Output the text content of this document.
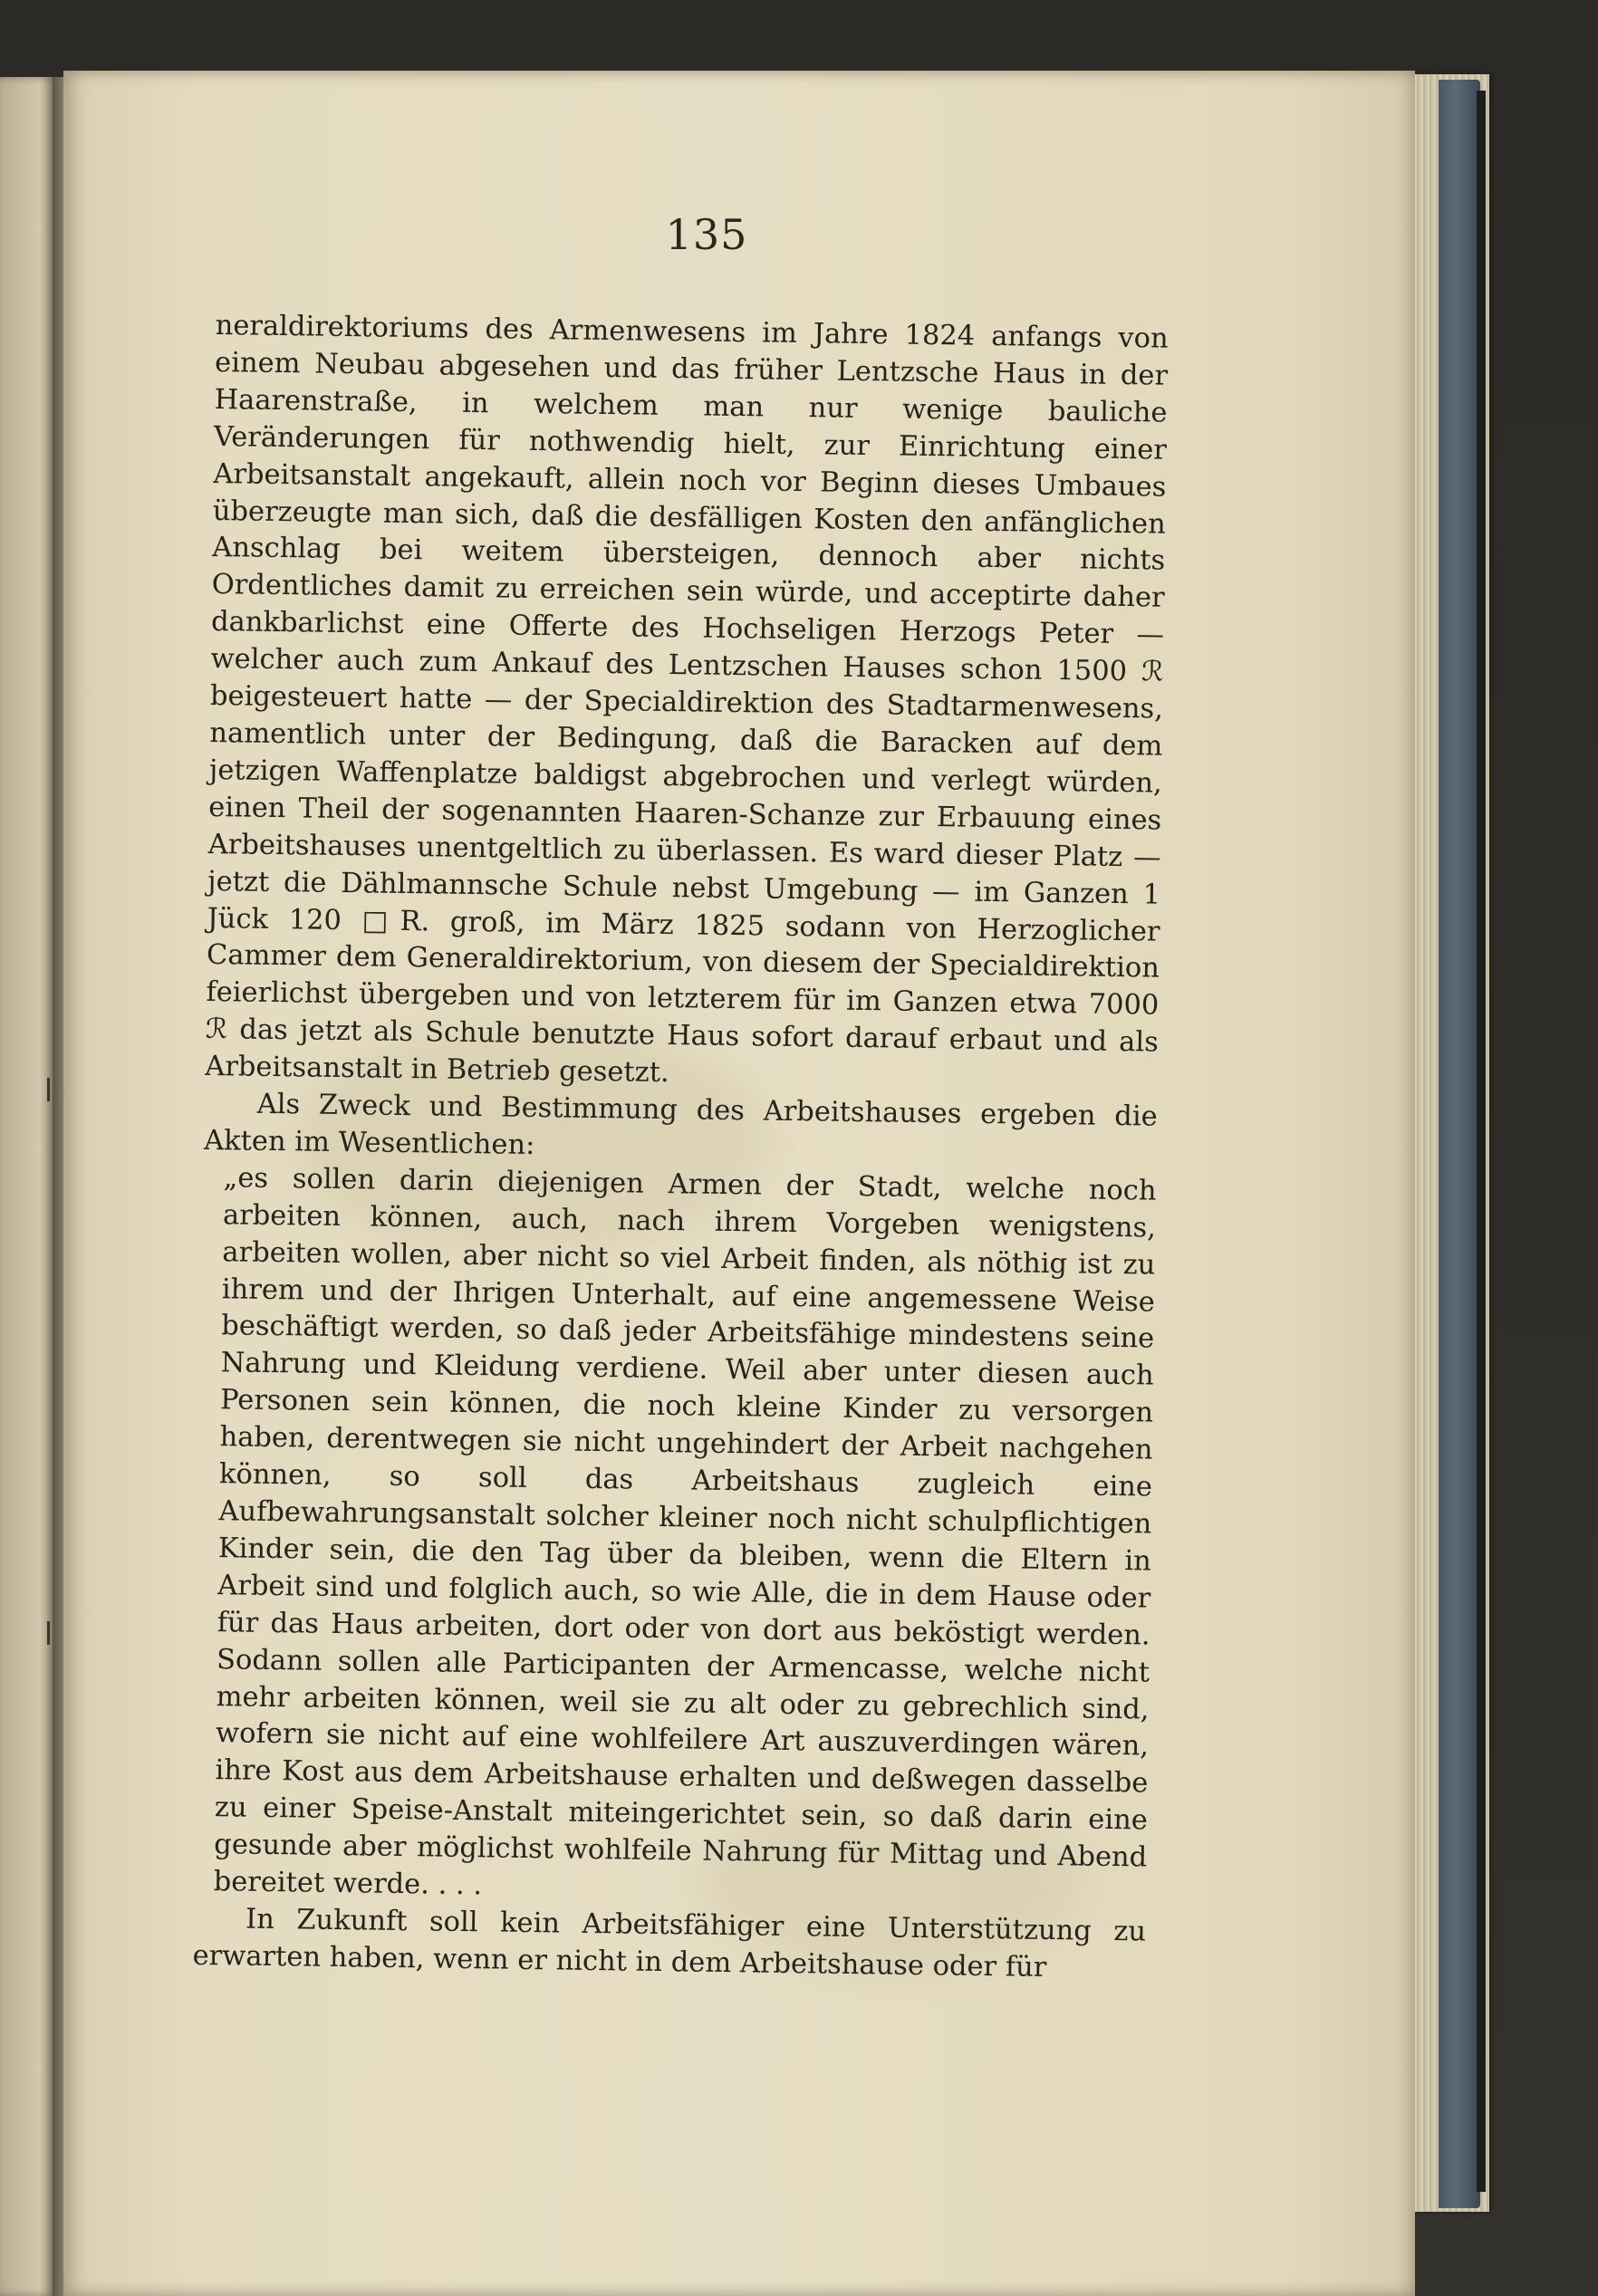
135

neraldirektoriums des Armenwesens im Jahre 1824 anfangs von einem Neubau abgesehen und das früher Lentzsche Haus in der Haarenstraße, in welchem man nur wenige bauliche Veränderungen für nothwendig hielt, zur Einrichtung einer Arbeitsanstalt angekauft, allein noch vor Beginn dieses Umbaues überzeugte man sich, daß die desfälligen Kosten den anfänglichen Anschlag bei weitem übersteigen, dennoch aber nichts Ordentliches damit zu erreichen sein würde, und acceptirte daher dankbarlichst eine Offerte des Hochseligen Herzogs Peter — welcher auch zum Ankauf des Lentzschen Hauses schon 1500 ℛ beigesteuert hatte — der Specialdirektion des Stadtarmenwesens, namentlich unter der Bedingung, daß die Baracken auf dem jetzigen Waffenplatze baldigst abgebrochen und verlegt würden, einen Theil der sogenannten Haaren-Schanze zur Erbauung eines Arbeitshauses unentgeltlich zu überlassen. Es ward dieser Platz — jetzt die Dählmannsche Schule nebst Umgebung — im Ganzen 1 Jück 120 □R. groß, im März 1825 sodann von Herzoglicher Cammer dem Generaldirektorium, von diesem der Specialdirektion feierlichst übergeben und von letzterem für im Ganzen etwa 7000 ℛ das jetzt als Schule benutzte Haus sofort darauf erbaut und als Arbeitsanstalt in Betrieb gesetzt.

Als Zweck und Bestimmung des Arbeitshauses ergeben die Akten im Wesentlichen:

„es sollen darin diejenigen Armen der Stadt, welche noch arbeiten können, auch, nach ihrem Vorgeben wenigstens, arbeiten wollen, aber nicht so viel Arbeit finden, als nöthig ist zu ihrem und der Ihrigen Unterhalt, auf eine angemessene Weise beschäftigt werden, so daß jeder Arbeitsfähige mindestens seine Nahrung und Kleidung verdiene. Weil aber unter diesen auch Personen sein können, die noch kleine Kinder zu versorgen haben, derentwegen sie nicht ungehindert der Arbeit nachgehen können, so soll das Arbeitshaus zugleich eine Aufbewahrungsanstalt solcher kleiner noch nicht schulpflichtigen Kinder sein, die den Tag über da bleiben, wenn die Eltern in Arbeit sind und folglich auch, so wie Alle, die in dem Hause oder für das Haus arbeiten, dort oder von dort aus beköstigt werden. Sodann sollen alle Participanten der Armencasse, welche nicht mehr arbeiten können, weil sie zu alt oder zu gebrechlich sind, wofern sie nicht auf eine wohlfeilere Art auszuverdingen wären, ihre Kost aus dem Arbeitshause erhalten und deßwegen dasselbe zu einer Speise-Anstalt miteingerichtet sein, so daß darin eine gesunde aber möglichst wohlfeile Nahrung für Mittag und Abend bereitet werde. . . .

In Zukunft soll kein Arbeitsfähiger eine Unterstützung zu erwarten haben, wenn er nicht in dem Arbeitshause oder für
